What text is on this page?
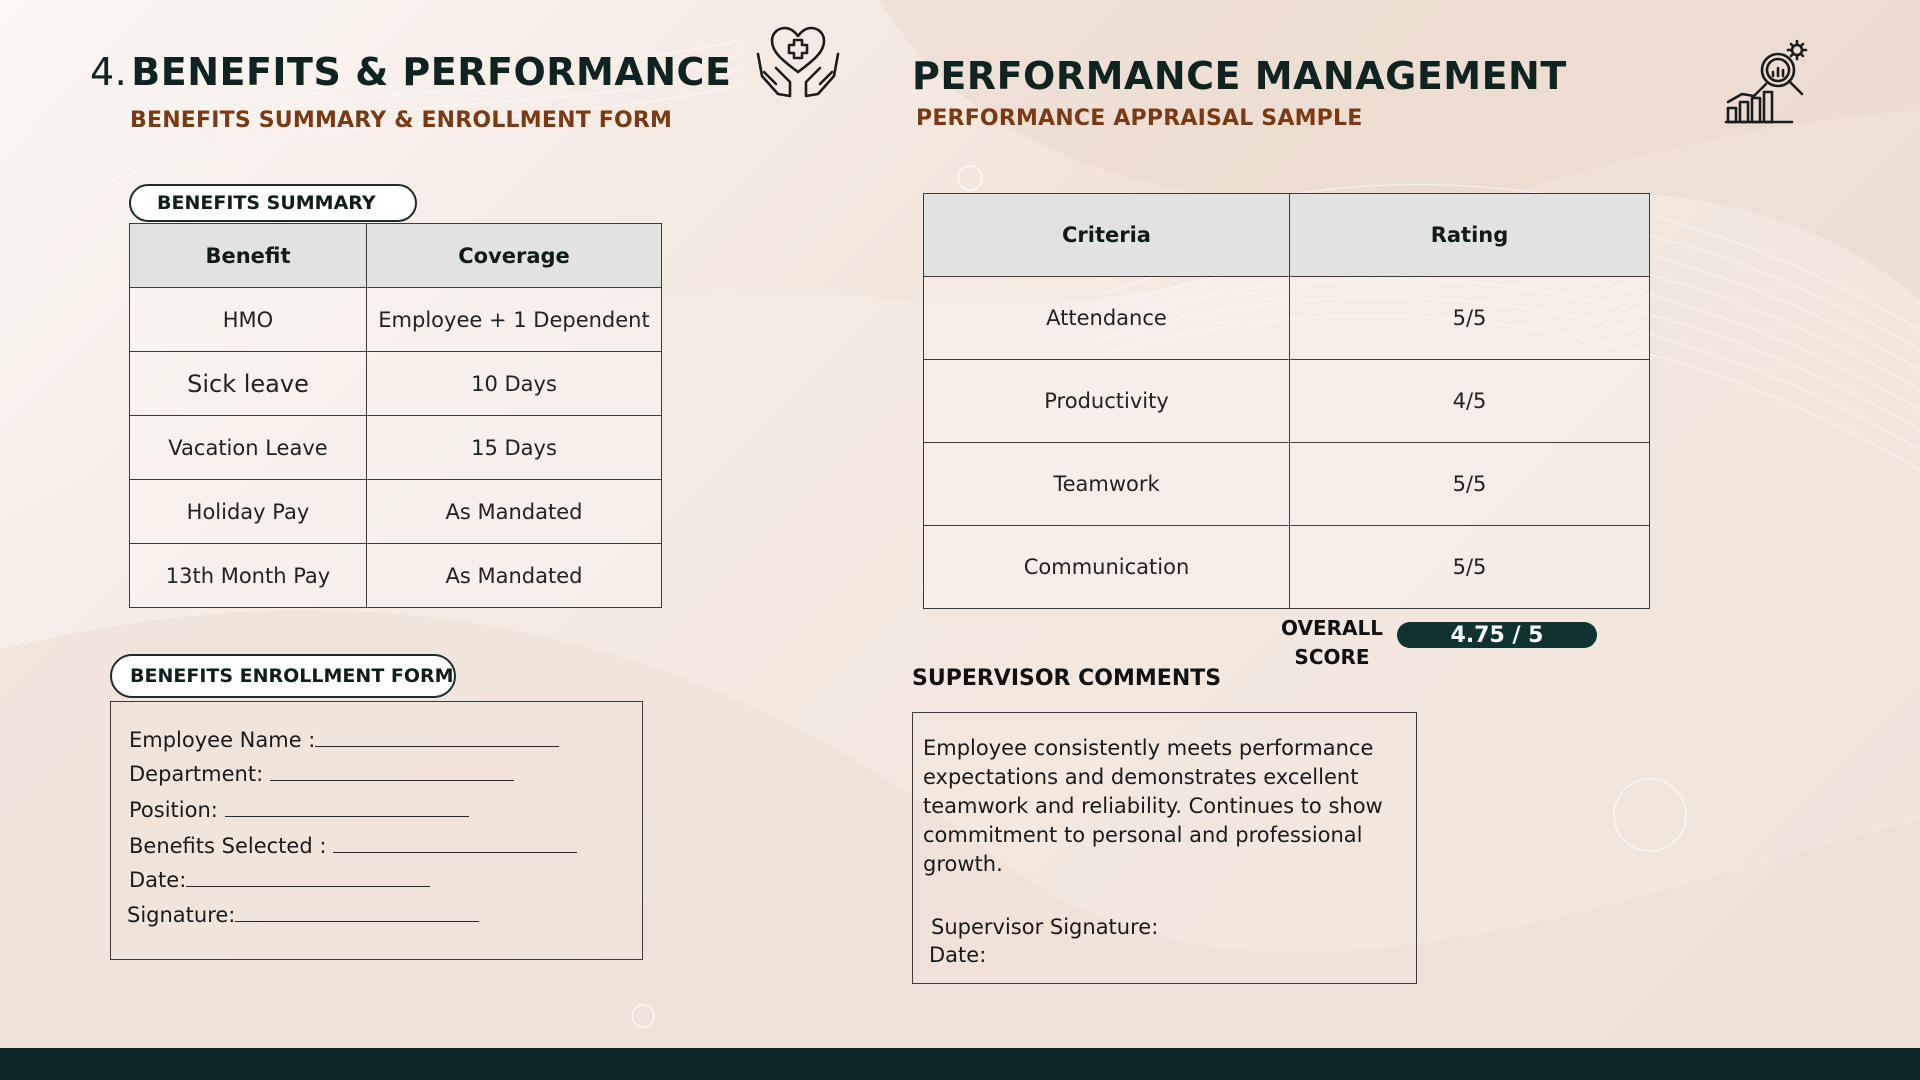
4. BENEFITS & PERFORMANCE
BENEFITS SUMMARY & ENROLLMENT FORM
BENEFITS SUMMARY
Benefit	Coverage
HMO	Employee + 1 Dependent
Sick leave	10 Days
Vacation Leave	15 Days
Holiday Pay	As Mandated
13th Month Pay	As Mandated
BENEFITS ENROLLMENT FORM
Employee Name :
Department:
Position:
Benefits Selected :
Date:
Signature:
PERFORMANCE MANAGEMENT
PERFORMANCE APPRAISAL SAMPLE
Criteria	Rating
Attendance	5/5
Productivity	4/5
Teamwork	5/5
Communication	5/5
OVERALL
SCORE
4.75 / 5
SUPERVISOR COMMENTS
Employee consistently meets performance expectations and demonstrates excellent teamwork and reliability. Continues to show commitment to personal and professional growth.
Supervisor Signature:
Date:
